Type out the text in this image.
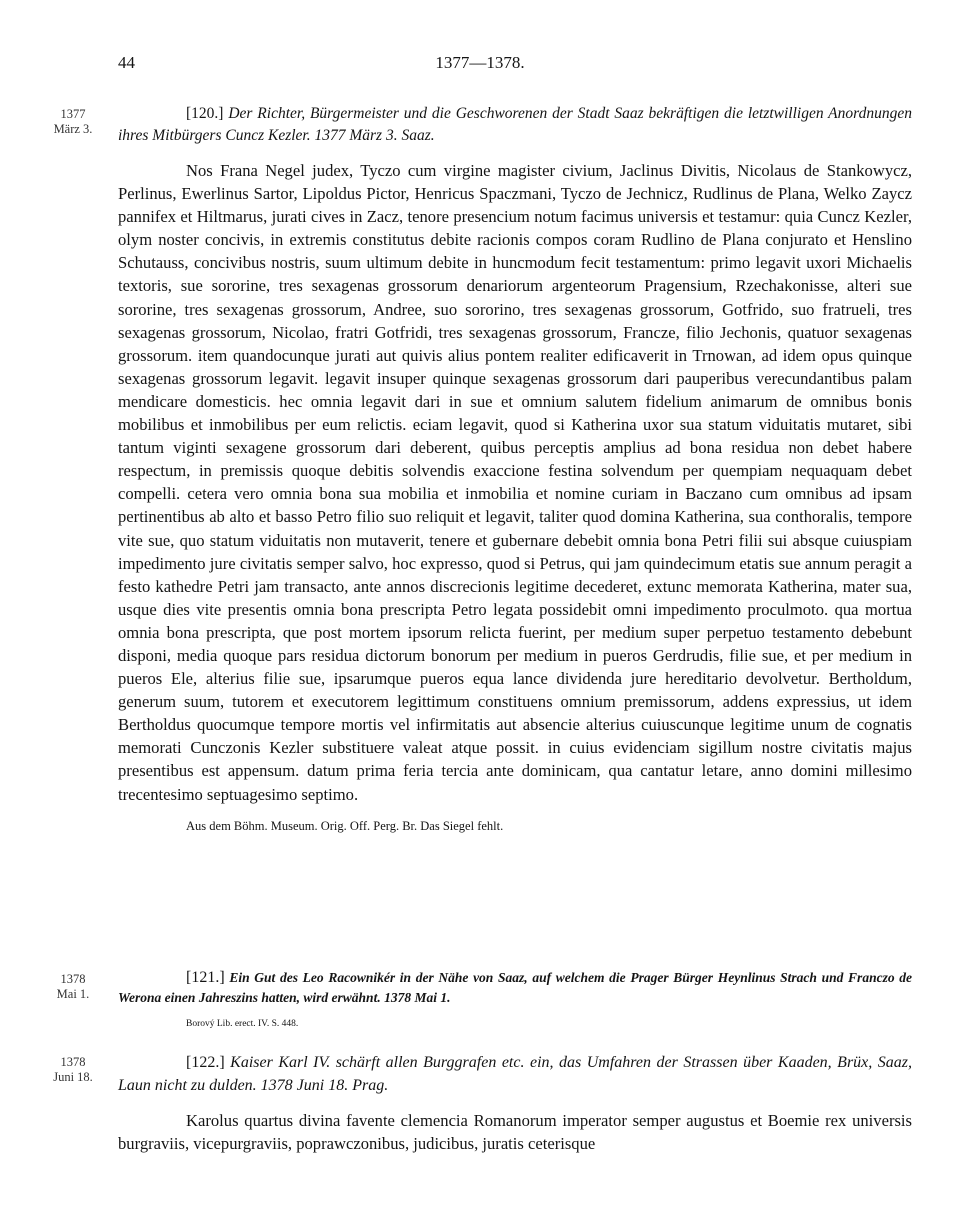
44	1377—1378.
1377
März 3.
[120.] Der Richter, Bürgermeister und die Geschworenen der Stadt Saaz bekräftigen die letztwilligen Anordnungen ihres Mitbürgers Cuncz Kezler. 1377 März 3. Saaz.

Nos Frana Negel judex, Tyczo cum virgine magister civium, Jaclinus Divitis, Nicolaus de Stankowycz, Perlinus, Ewerlinus Sartor, Lipoldus Pictor, Henricus Spaczmani, Tyczo de Jechnicz, Rudlinus de Plana, Welko Zaycz pannifex et Hiltmarus, jurati cives in Zacz, tenore presencium notum facimus universis et testamur: quia Cuncz Kezler, olym noster concivis, in extremis constitutus debite racionis compos coram Rudlino de Plana conjurato et Henslino Schutauss, concivibus nostris, suum ultimum debite in huncmodum fecit testamentum: primo legavit uxori Michaelis textoris, sue sororine, tres sexagenas grossorum denariorum argenteorum Pragensium, Rzechakonisse, alteri sue sororine, tres sexagenas grossorum, Andree, suo sororino, tres sexagenas grossorum, Gotfrido, suo fratrueli, tres sexagenas grossorum, Nicolao, fratri Gotfridi, tres sexagenas grossorum, Francze, filio Jechonis, quatuor sexagenas grossorum. item quandocunque jurati aut quivis alius pontem realiter edificaverit in Trnowan, ad idem opus quinque sexagenas grossorum legavit. legavit insuper quinque sexagenas grossorum dari pauperibus verecundantibus palam mendicare domesticis. hec omnia legavit dari in sue et omnium salutem fidelium animarum de omnibus bonis mobilibus et inmobilibus per eum relictis. eciam legavit, quod si Katherina uxor sua statum viduitatis mutaret, sibi tantum viginti sexagene grossorum dari deberent, quibus perceptis amplius ad bona residua non debet habere respectum, in premissis quoque debitis solvendis exaccione festina solvendum per quempiam nequaquam debet compelli. cetera vero omnia bona sua mobilia et inmobilia et nomine curiam in Baczano cum omnibus ad ipsam pertinentibus ab alto et basso Petro filio suo reliquit et legavit, taliter quod domina Katherina, sua conthoralis, tempore vite sue, quo statum viduitatis non mutaverit, tenere et gubernare debebit omnia bona Petri filii sui absque cuiuspiam impedimento jure civitatis semper salvo, hoc expresso, quod si Petrus, qui jam quindecimum etatis sue annum peragit a festo kathedre Petri jam transacto, ante annos discrecionis legitime decederet, extunc memorata Katherina, mater sua, usque dies vite presentis omnia bona prescripta Petro legata possidebit omni impedimento proculmoto. qua mortua omnia bona prescripta, que post mortem ipsorum relicta fuerint, per medium super perpetuo testamento debebunt disponi, media quoque pars residua dictorum bonorum per medium in pueros Gerdrudis, filie sue, et per medium in pueros Ele, alterius filie sue, ipsarumque pueros equa lance dividenda jure hereditario devolvetur. Bertholdum, generum suum, tutorem et executorem legittimum constituens omnium premissorum, addens expressius, ut idem Bertholdus quocumque tempore mortis vel infirmitatis aut absencie alterius cuiuscunque legitime unum de cognatis memorati Cunczonis Kezler substituere valeat atque possit. in cuius evidenciam sigillum nostre civitatis majus presentibus est appensum. datum prima feria tercia ante dominicam, qua cantatur letare, anno domini millesimo trecentesimo septuagesimo septimo.

Aus dem Böhm. Museum. Orig. Off. Perg. Br. Das Siegel fehlt.

1378
Mai 1.
[121.] Ein Gut des Leo Racownikér in der Nähe von Saaz, auf welchem die Prager Bürger Heynlinus Strach und Franczo de Werona einen Jahreszins hatten, wird erwähnt. 1378 Mai 1.

Borový Lib. erect. IV. S. 448.

1378
Juni 18.
[122.] Kaiser Karl IV. schärft allen Burggrafen etc. ein, das Umfahren der Strassen über Kaaden, Brüx, Saaz, Laun nicht zu dulden. 1378 Juni 18. Prag.

Karolus quartus divina favente clemencia Romanorum imperator semper augustus et Boemie rex universis burgraviis, vicepurgraviis, poprawczonibus, judicibus, juratis ceterisque
